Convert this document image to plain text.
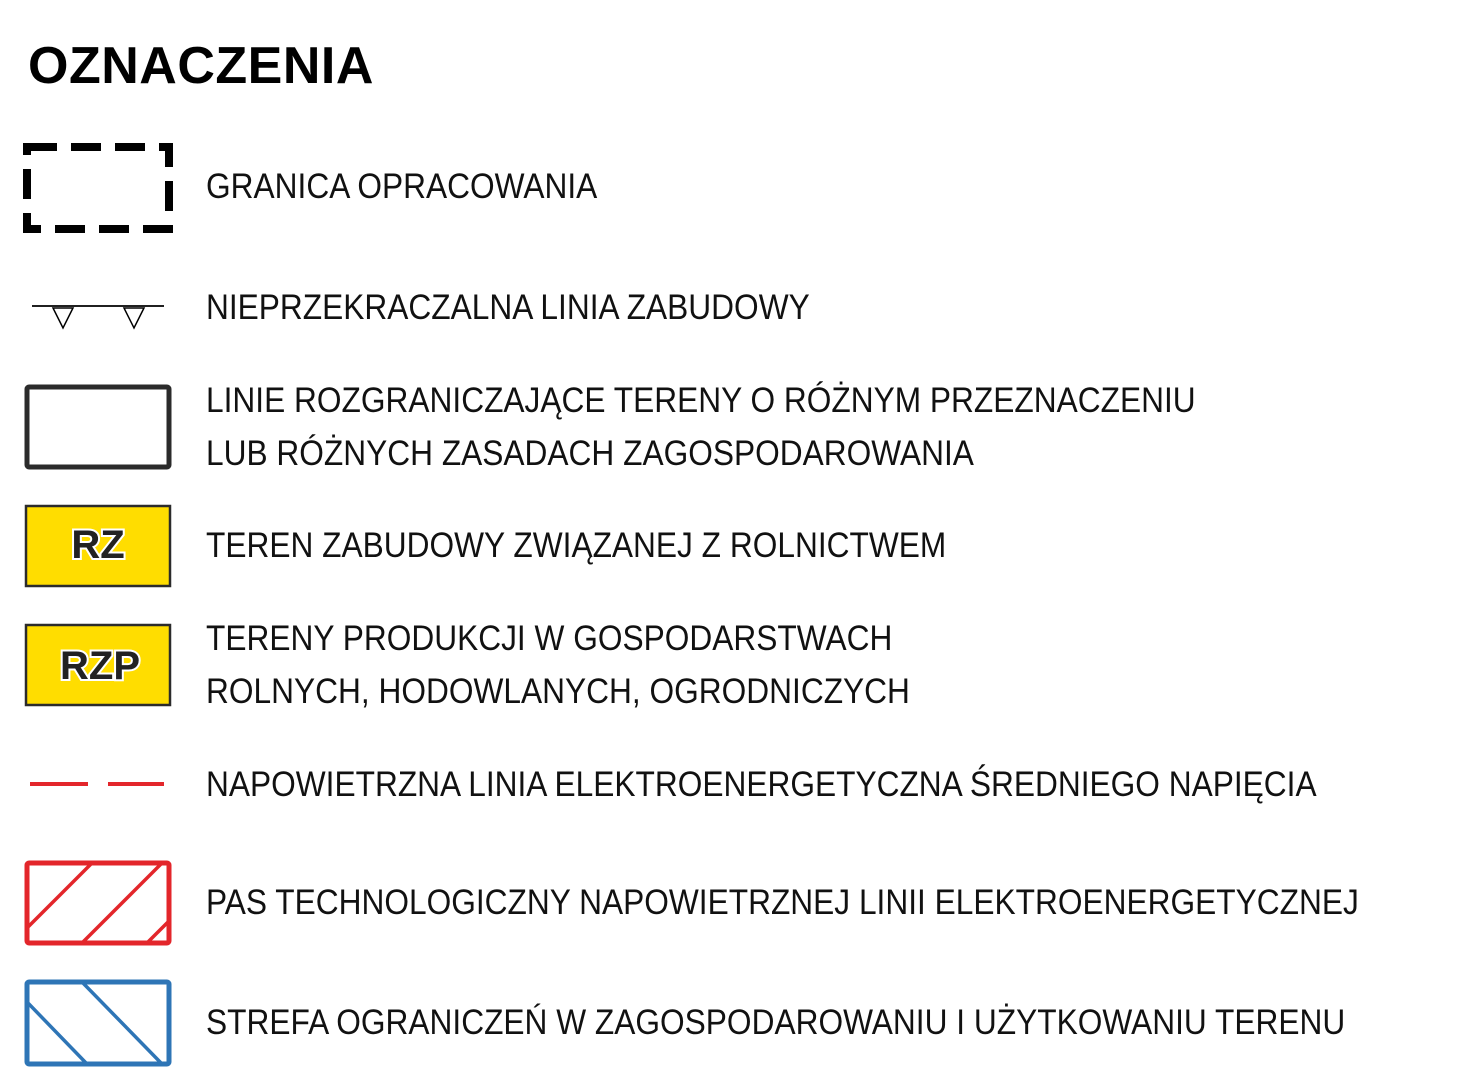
OZNACZENIA
GRANICA OPRACOWANIA
NIEPRZEKRACZALNA LINIA ZABUDOWY
LINIE ROZGRANICZAJĄCE TERENY O RÓŻNYM PRZEZNACZENIU
LUB RÓŻNYCH ZASADACH ZAGOSPODAROWANIA
RZ TEREN ZABUDOWY ZWIĄZANEJ Z ROLNICTWEM
RZP
TERENY PRODUKCJI W GOSPODARSTWACH
ROLNYCH, HODOWLANYCH, OGRODNICZYCH
NAPOWIETRZNA LINIA ELEKTROENERGETYCZNA ŚREDNIEGO NAPIĘCIA
PAS TECHNOLOGICZNY NAPOWIETRZNEJ LINII ELEKTROENERGETYCZNEJ
STREFA OGRANICZEŃ W ZAGOSPODAROWANIU I UŻYTKOWANIU TERENU
